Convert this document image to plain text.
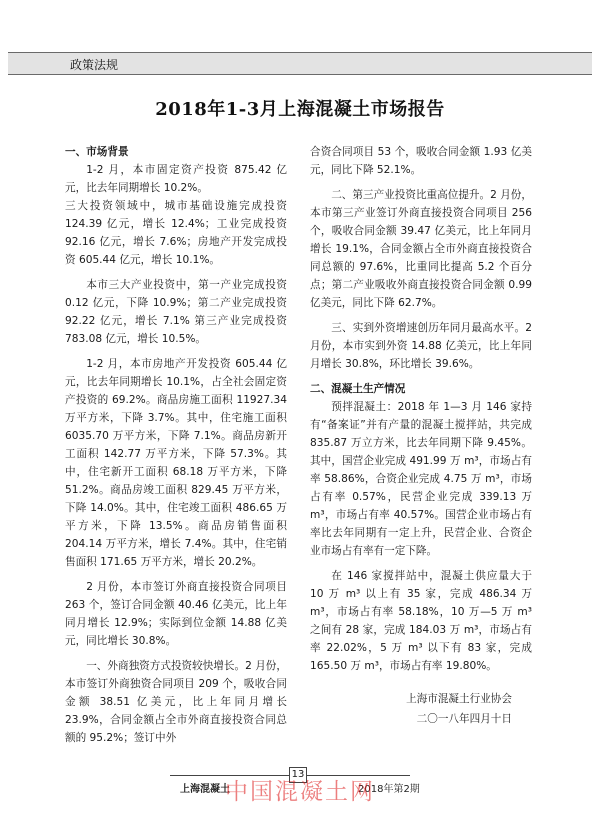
政策法规
2018年1-3月上海混凝土市场报告
一、市场背景

1-2 月，本市固定资产投资 875.42 亿元，比去年同期增长 10.2%。

三大投资领域中，城市基础设施完成投资 124.39 亿元，增长 12.4%；工业完成投资 92.16 亿元，增长 7.6%；房地产开发完成投资 605.44 亿元，增长 10.1%。

本市三大产业投资中，第一产业完成投资 0.12 亿元，下降 10.9%；第二产业完成投资 92.22 亿元，增长 7.1% 第三产业完成投资 783.08 亿元，增长 10.5%。

1-2 月，本市房地产开发投资 605.44 亿元，比去年同期增长 10.1%，占全社会固定资产投资的 69.2%。商品房施工面积 11927.34 万平方米，下降 3.7%。其中，住宅施工面积 6035.70 万平方米，下降 7.1%。商品房新开工面积 142.77 万平方米，下降 57.3%。其中，住宅新开工面积 68.18 万平方米，下降 51.2%。商品房竣工面积 829.45 万平方米，下降 14.0%。其中，住宅竣工面积 486.65 万平方米，下降 13.5%。商品房销售面积 204.14 万平方米，增长 7.4%。其中，住宅销售面积 171.65 万平方米，增长 20.2%。

2 月份，本市签订外商直接投资合同项目 263 个，签订合同金额 40.46 亿美元，比上年同月增长 12.9%；实际到位金额 14.88 亿美元，同比增长 30.8%。

一、外商独资方式投资较快增长。2 月份，本市签订外商独资合同项目 209 个，吸收合同金额 38.51 亿美元，比上年同月增长 23.9%，合同金额占全市外商直接投资合同总额的 95.2%；签订中外

合资合同项目 53 个，吸收合同金额 1.93 亿美元，同比下降 52.1%。

二、第三产业投资比重高位提升。2 月份，本市第三产业签订外商直接投资合同项目 256 个，吸收合同金额 39.47 亿美元，比上年同月增长 19.1%，合同金额占全市外商直接投资合同总额的 97.6%，比重同比提高 5.2 个百分点；第二产业吸收外商直接投资合同金额 0.99 亿美元，同比下降 62.7%。

三、实到外资增速创历年同月最高水平。2 月份，本市实到外资 14.88 亿美元，比上年同月增长 30.8%，环比增长 39.6%。

二、混凝土生产情况

预拌混凝土：2018 年 1—3 月 146 家持有“备案证”并有产量的混凝土搅拌站，共完成 835.87 万立方米，比去年同期下降 9.45%。其中，国营企业完成 491.99 万 m³，市场占有率 58.86%，合资企业完成 4.75 万 m³，市场占有率 0.57%，民营企业完成 339.13 万 m³，市场占有率 40.57%。国营企业市场占有率比去年同期有一定上升，民营企业、合资企业市场占有率有一定下降。

在 146 家搅拌站中，混凝土供应量大于 10 万 m³ 以上有 35 家，完成 486.34 万 m³，市场占有率 58.18%，10 万—5 万 m³ 之间有 28 家，完成 184.03 万 m³，市场占有率 22.02%，5 万 m³ 以下有 83 家，完成 165.50 万 m³，市场占有率 19.80%。

上海市混凝土行业协会
二〇一八年四月十日
上海混凝土
13
2018年第2期
中国混凝土网
